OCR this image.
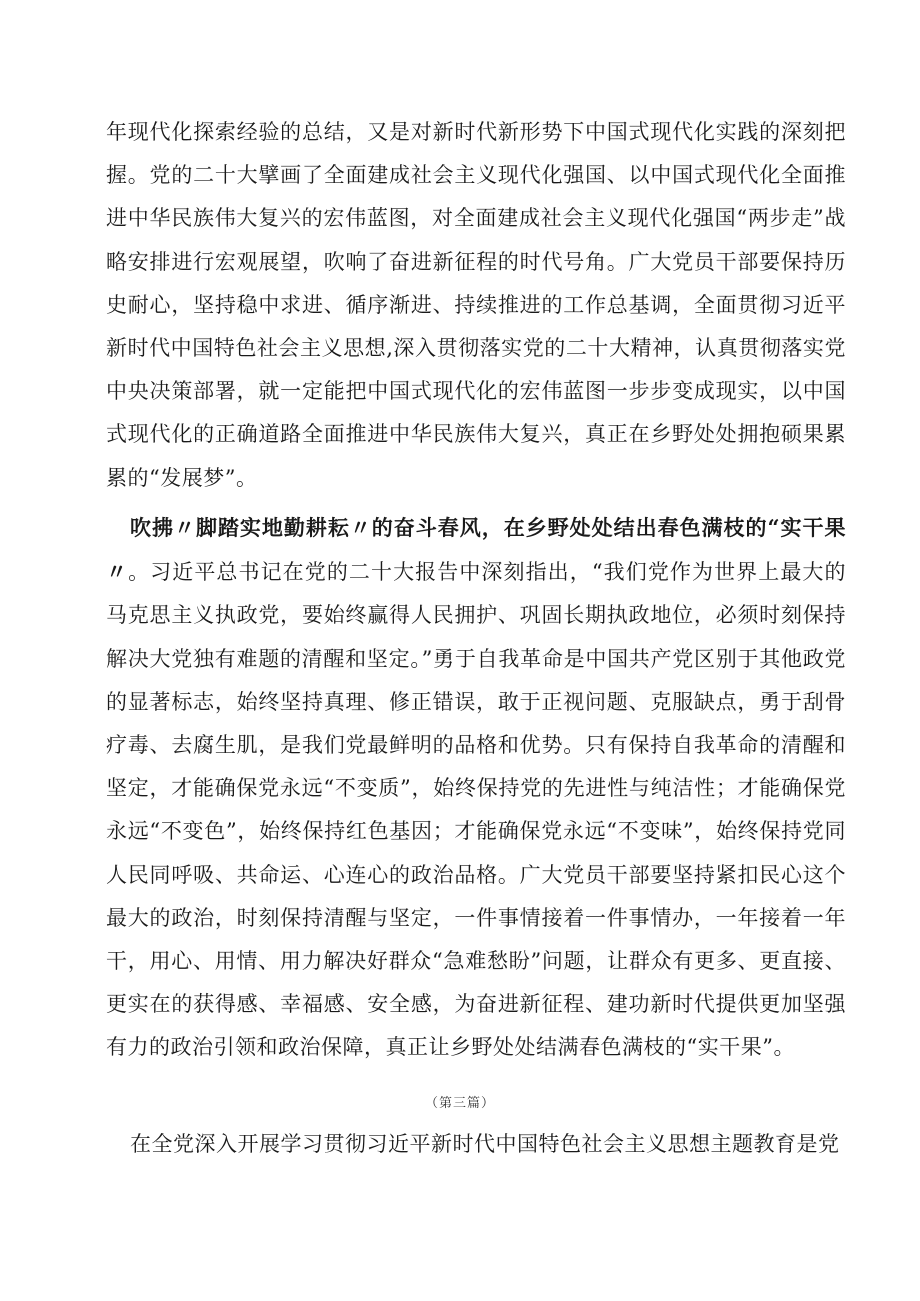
年现代化探索经验的总结，又是对新时代新形势下中国式现代化实践的深刻把握。党的二十大擘画了全面建成社会主义现代化强国、以中国式现代化全面推进中华民族伟大复兴的宏伟蓝图，对全面建成社会主义现代化强国“两步走”战略安排进行宏观展望，吹响了奋进新征程的时代号角。广大党员干部要保持历史耐心，坚持稳中求进、循序渐进、持续推进的工作总基调，全面贯彻习近平新时代中国特色社会主义思想,深入贯彻落实党的二十大精神，认真贯彻落实党中央决策部署，就一定能把中国式现代化的宏伟蓝图一步步变成现实，以中国式现代化的正确道路全面推进中华民族伟大复兴，真正在乡野处处拥抱硕果累累的“发展梦”。

吹拂〃脚踏实地勤耕耘〃的奋斗春风，在乡野处处结出春色满枝的“实干果〃。习近平总书记在党的二十大报告中深刻指出，“我们党作为世界上最大的马克思主义执政党，要始终赢得人民拥护、巩固长期执政地位，必须时刻保持解决大党独有难题的清醒和坚定。”勇于自我革命是中国共产党区别于其他政党的显著标志，始终坚持真理、修正错误，敢于正视问题、克服缺点，勇于刮骨疗毒、去腐生肌，是我们党最鲜明的品格和优势。只有保持自我革命的清醒和坚定，才能确保党永远“不变质”，始终保持党的先进性与纯洁性；才能确保党永远“不变色”，始终保持红色基因；才能确保党永远“不变味”，始终保持党同人民同呼吸、共命运、心连心的政治品格。广大党员干部要坚持紧扣民心这个最大的政治，时刻保持清醒与坚定，一件事情接着一件事情办，一年接着一年干，用心、用情、用力解决好群众“急难愁盼”问题，让群众有更多、更直接、更实在的获得感、幸福感、安全感，为奋进新征程、建功新时代提供更加坚强有力的政治引领和政治保障，真正让乡野处处结满春色满枝的“实干果”。

（第三篇）

在全党深入开展学习贯彻习近平新时代中国特色社会主义思想主题教育是党
